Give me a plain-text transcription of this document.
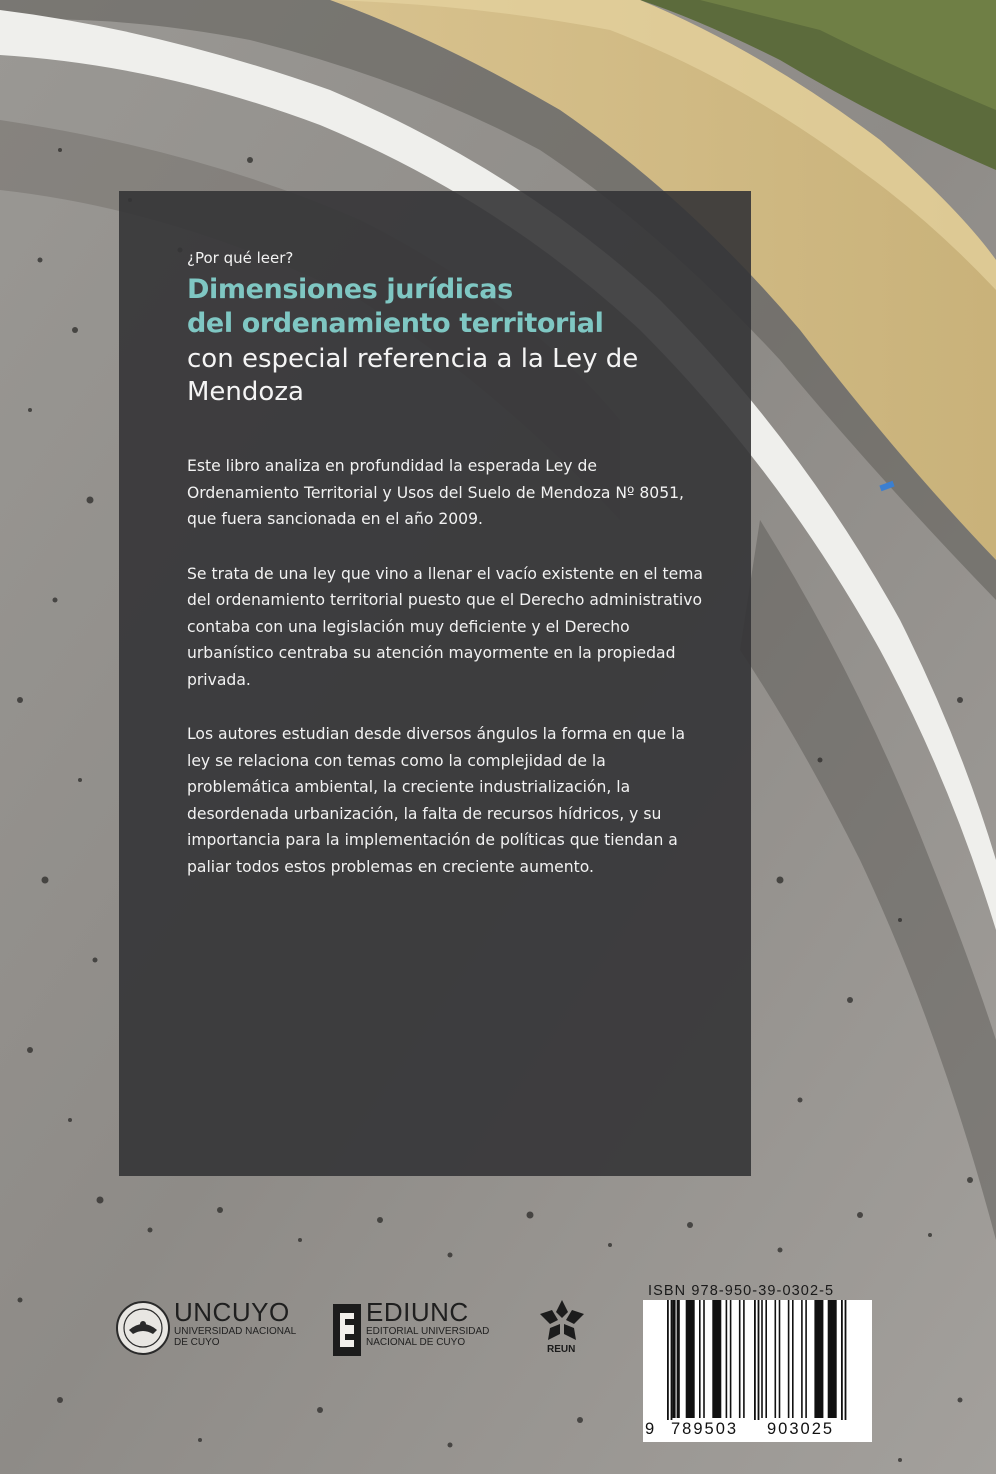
¿Por qué leer?

Dimensiones jurídicas
del ordenamiento territorial
con especial referencia a la Ley de Mendoza

Este libro analiza en profundidad la esperada Ley de Ordenamiento Territorial y Usos del Suelo de Mendoza Nº 8051, que fuera sancionada en el año 2009.

Se trata de una ley que vino a llenar el vacío existente en el tema del ordenamiento territorial puesto que el Derecho administrativo contaba con una legislación muy deficiente y el Derecho urbanístico centraba su atención mayormente en la propiedad privada.

Los autores estudian desde diversos ángulos la forma en que la ley se relaciona con temas como la complejidad de la problemática ambiental, la creciente industrialización, la desordenada urbanización, la falta de recursos hídricos, y su importancia para la implementación de políticas que tiendan a paliar todos estos problemas en creciente aumento.

UNCUYO
UNIVERSIDAD NACIONAL DE CUYO
EDIUNC
EDITORIAL UNIVERSIDAD NACIONAL DE CUYO
REUN
ISBN 978-950-39-0302-5
9 789503 903025
